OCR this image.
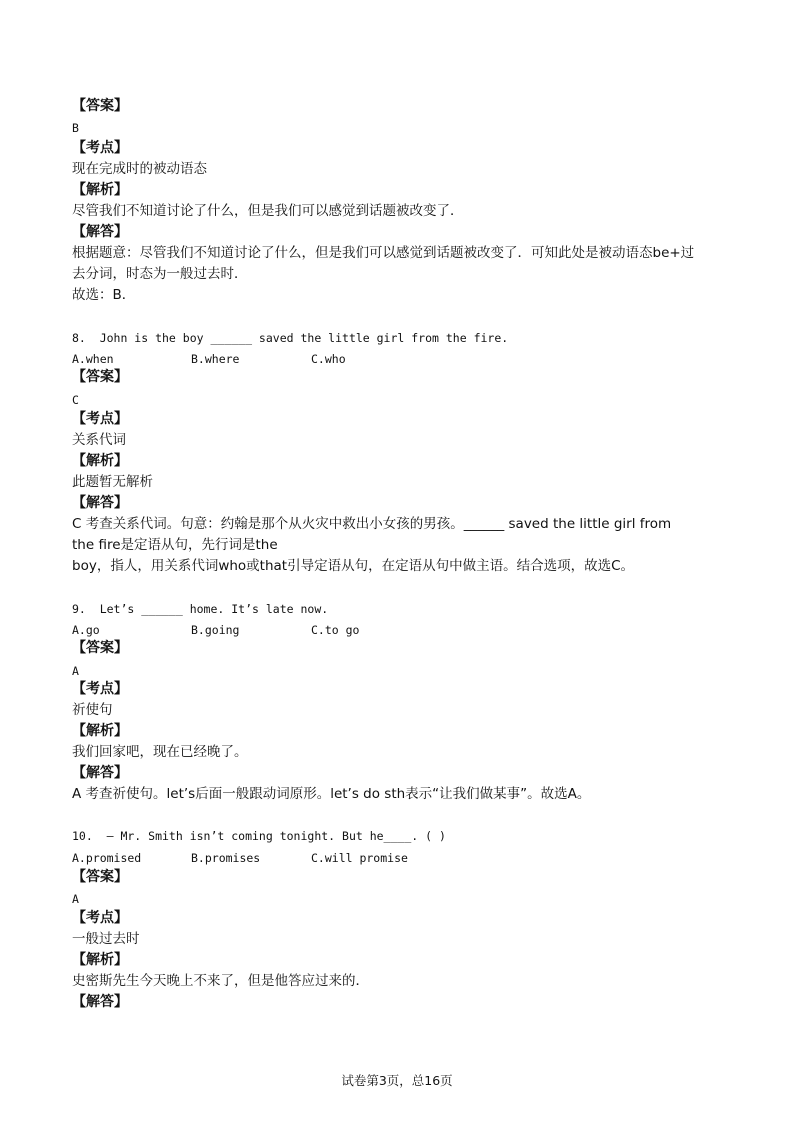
【答案】
B
【考点】
现在完成时的被动语态
【解析】
尽管我们不知道讨论了什么，但是我们可以感觉到话题被改变了．
【解答】
根据题意：尽管我们不知道讨论了什么，但是我们可以感觉到话题被改变了．可知此处是被动语态be+过
去分词，时态为一般过去时．
故选：B．
8.  John is the boy ______ saved the little girl from the fire.
A.when	B.where	C.who
【答案】
C
【考点】
关系代词
【解析】
此题暂无解析
【解答】
C 考查关系代词。句意：约翰是那个从火灾中救出小女孩的男孩。______ saved the little girl from
the fire是定语从句，先行词是the
boy，指人，用关系代词who或that引导定语从句，在定语从句中做主语。结合选项，故选C。
9.  Let’s ______ home. It’s late now.
A.go	B.going	C.to go
【答案】
A
【考点】
祈使句
【解析】
我们回家吧，现在已经晚了。
【解答】
A 考查祈使句。let’s后面一般跟动词原形。let’s do sth表示“让我们做某事”。故选A。
10.  – Mr. Smith isn’t coming tonight. But he____. ( )
A.promised	B.promises	C.will promise
【答案】
A
【考点】
一般过去时
【解析】
史密斯先生今天晚上不来了，但是他答应过来的．
【解答】
试卷第3页，总16页
